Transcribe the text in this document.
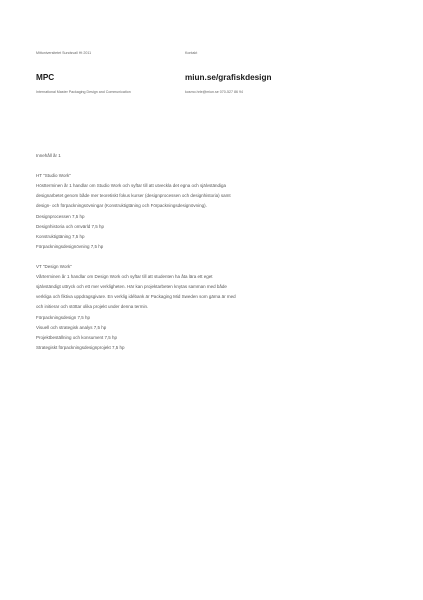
Mittuniversitetet Sundsvall Ht 2011	Kontakt
MPC	miun.se/grafiskdesign
International Master Packaging Design and Communication	kosmo.hrle@miun.se 070-527 86 94
Innehåll år 1
HT "Studio Work"
Höstterminen år 1 handlar om Studio Work och syftar till att utveckla det egna och självständiga
designarbetet genom både mer teoretiskt fokus kurser (designprocessen och designhistoria) samt
design- och förpackningsövningar (Konstruktigtäning och Förpackningsdesignövning).
Designprocessen 7,5 hp
Designhistoria och omvärld 7,5 hp
Konstruktigtäning 7,5 hp
Förpackningsdesignövning 7,5 hp
VT "Design Work"
Vårterminen år 1 handlar om Design Work och syftar till att studenten ha åta lära ett eget
självständigt uttryck och ett mer verkligheten. Här kan projektarbeten knytas samman med både
verkliga och fiktiva uppdragsgivare. En verklig idébank är Packaging Mid Sweden som gärna är med
och initierar och stöttar olika projekt under denna termin.
Förpackningsdesign 7,5 hp
Visuell och strategisk analys 7,5 hp
Projektbeställning och konsument 7,5 hp
Strategiskt förpackningsdesignprojekt 7,5 hp
